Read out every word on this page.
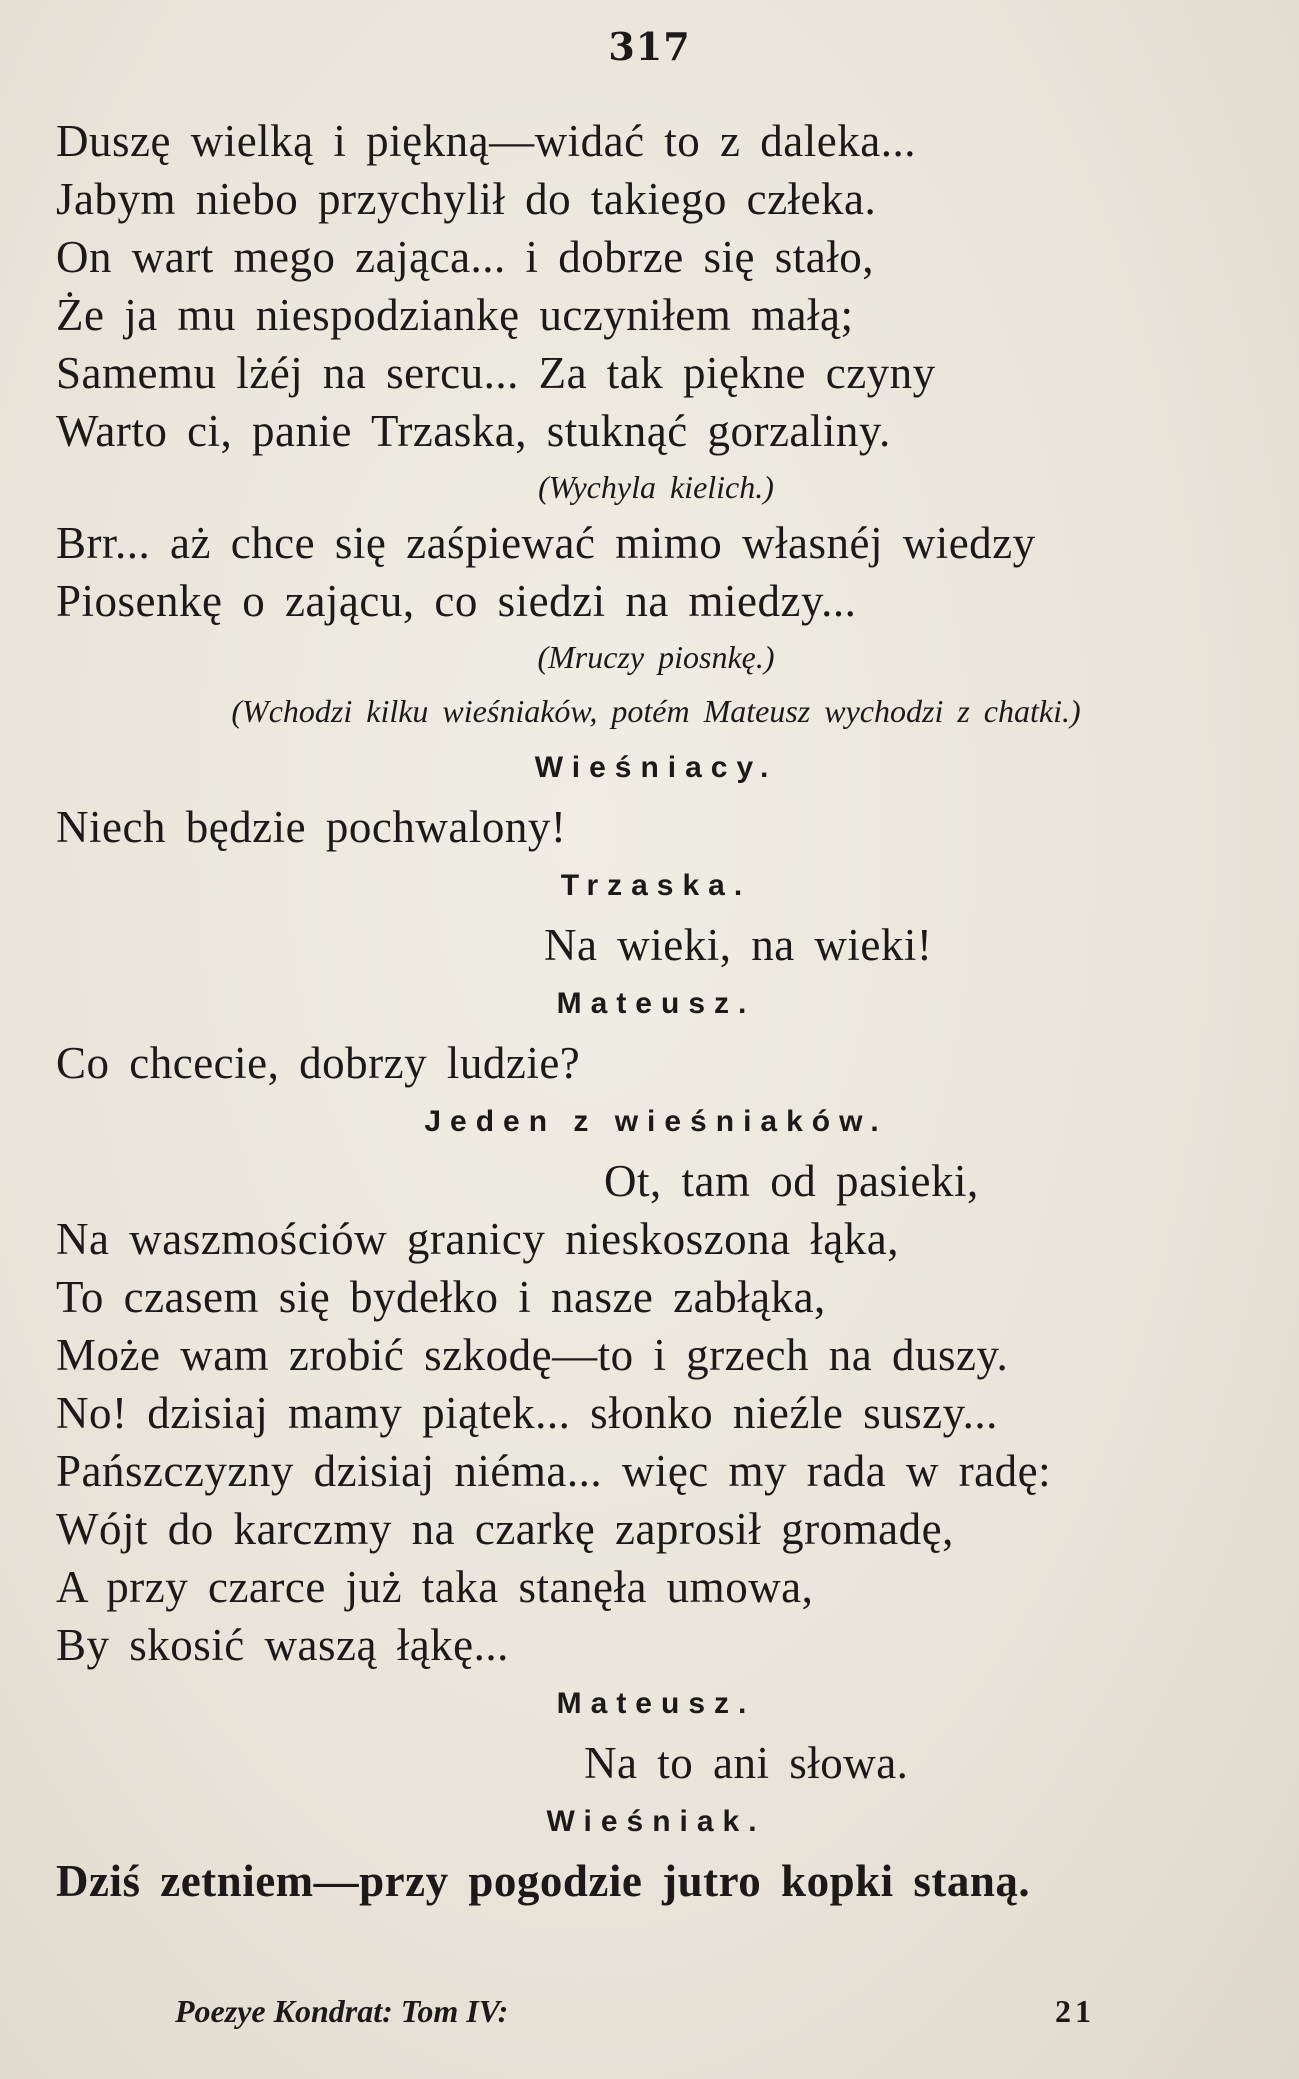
317
Duszę wielką i piękną—widać to z daleka...
Jabym niebo przychylił do takiego człeka.
On wart mego zająca... i dobrze się stało,
Że ja mu niespodziankę uczyniłem małą;
Samemu lżéj na sercu... Za tak piękne czyny
Warto ci, panie Trzaska, stuknąć gorzaliny.
(Wychyla kielich.)
Brr... aż chce się zaśpiewać mimo własnéj wiedzy
Piosenkę o zającu, co siedzi na miedzy...
(Mruczy piosnkę.)
(Wchodzi kilku wieśniaków, potém Mateusz wychodzi z chatki.)
Wieśniacy.
Niech będzie pochwalony!
Trzaska.
Na wieki, na wieki!
Mateusz.
Co chcecie, dobrzy ludzie?
Jeden z wieśniaków.
Ot, tam od pasieki,
Na waszmościów granicy nieskoszona łąka,
To czasem się bydełko i nasze zabłąka,
Może wam zrobić szkodę—to i grzech na duszy.
No! dzisiaj mamy piątek... słonko nieźle suszy...
Pańszczyzny dzisiaj niéma... więc my rada w radę:
Wójt do karczmy na czarkę zaprosił gromadę,
A przy czarce już taka stanęła umowa,
By skosić waszą łąkę...
Mateusz.
Na to ani słowa.
Wieśniak.
Dziś zetniem—przy pogodzie jutro kopki staną.
Poezye Kondrat: Tom IV:	21
